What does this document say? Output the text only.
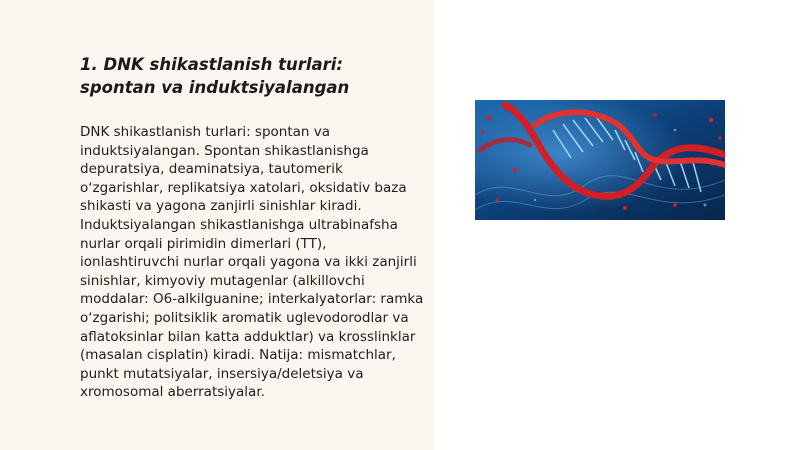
1. DNK shikastlanish turlari: spontan va induktsiyalangan

DNK shikastlanish turlari: spontan va induktsiyalangan. Spontan shikastlanishga depuratsiya, deaminatsiya, tautomerik oʻzgarishlar, replikatsiya xatolari, oksidativ baza shikasti va yagona zanjirli sinishlar kiradi. Induktsiyalangan shikastlanishga ultrabinafsha nurlar orqali pirimidin dimerlari (TT), ionlashtiruvchi nurlar orqali yagona va ikki zanjirli sinishlar, kimyoviy mutagenlar (alkillovchi moddalar: O6-alkilguanine; interkalyatorlar: ramka oʻzgarishi; politsiklik aromatik uglevodorodlar va aflatoksinlar bilan katta adduktlar) va krosslinklar (masalan cisplatin) kiradi. Natija: mismatchlar, punkt mutatsiyalar, insersiya/deletsiya va xromosomal aberratsiyalar.
